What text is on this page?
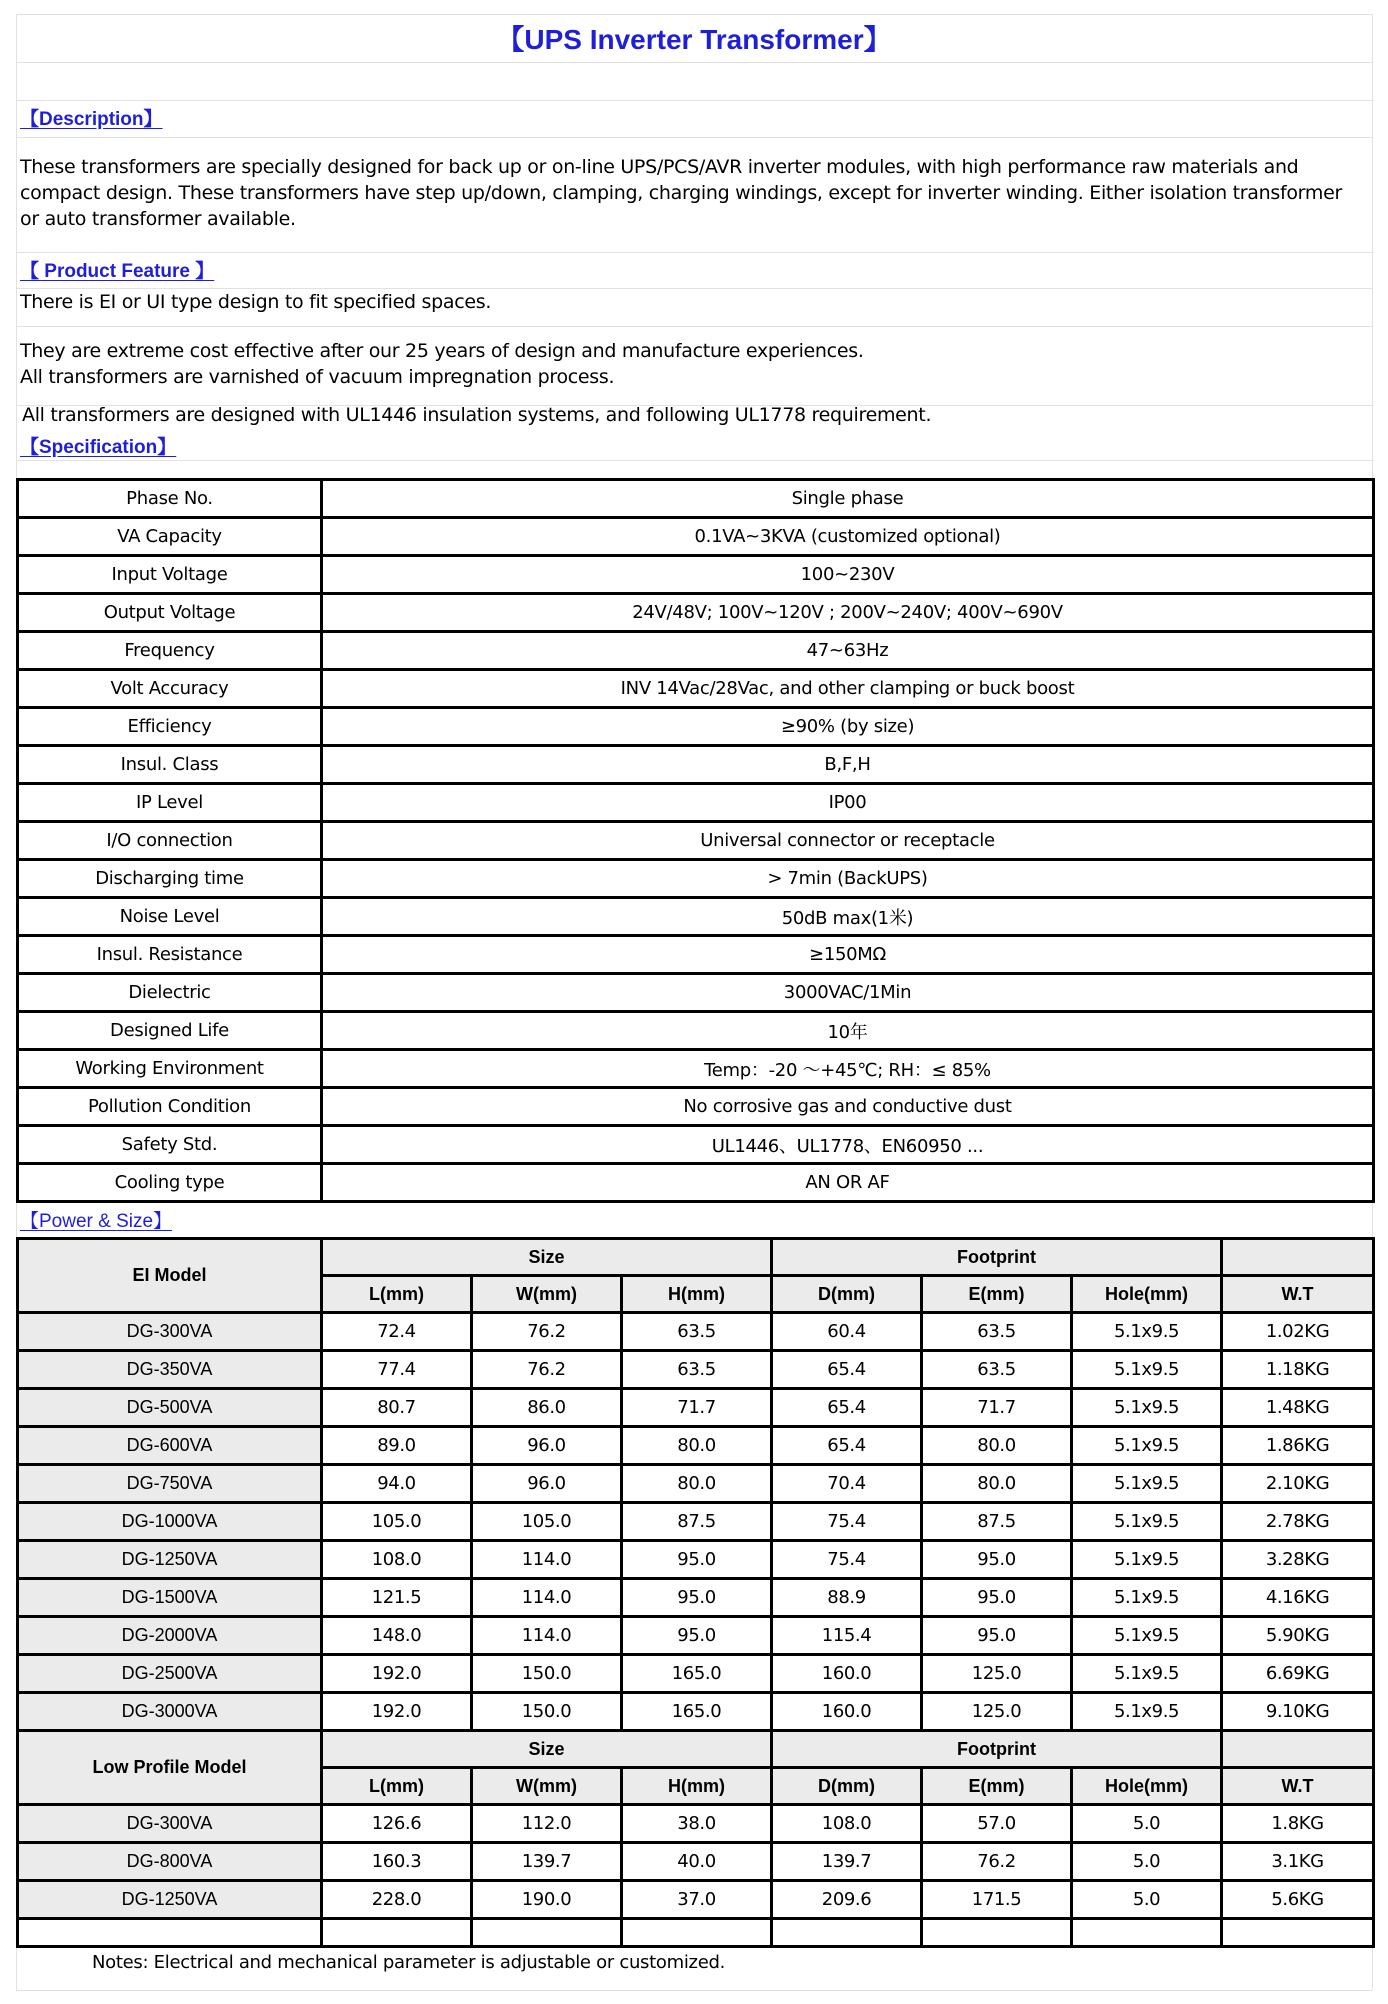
【UPS Inverter Transformer】
【Description】
These transformers are specially designed for back up or on-line UPS/PCS/AVR inverter modules, with high performance raw materials and
compact design. These transformers have step up/down, clamping, charging windings, except for inverter winding. Either isolation transformer
or auto transformer available.
【 Product Feature 】
There is EI or UI type design to fit specified spaces.
They are extreme cost effective after our 25 years of design and manufacture experiences.
All transformers are varnished of vacuum impregnation process.
All transformers are designed with UL1446 insulation systems, and following UL1778 requirement.
【Specification】
Phase No.	Single phase
VA Capacity	0.1VA~3KVA (customized optional)
Input Voltage	100~230V
Output Voltage	24V/48V; 100V~120V ; 200V~240V; 400V~690V
Frequency	47~63Hz
Volt Accuracy	INV 14Vac/28Vac, and other clamping or buck boost
Efficiency	≥90% (by size)
Insul. Class	B,F,H
IP Level	IP00
I/O connection	Universal connector or receptacle
Discharging time	> 7min (BackUPS)
Noise Level	50dB max(1米)
Insul. Resistance	≥150MΩ
Dielectric	3000VAC/1Min
Designed Life	10年
Working Environment	Temp：-20 ～+45℃; RH：≤ 85%
Pollution Condition	No corrosive gas and conductive dust
Safety Std.	UL1446、UL1778、EN60950 ...
Cooling type	AN OR AF
【Power & Size】
EI Model	Size			Footprint			
	L(mm)	W(mm)	H(mm)	D(mm)	E(mm)	Hole(mm)	W.T
DG-300VA	72.4	76.2	63.5	60.4	63.5	5.1x9.5	1.02KG
DG-350VA	77.4	76.2	63.5	65.4	63.5	5.1x9.5	1.18KG
DG-500VA	80.7	86.0	71.7	65.4	71.7	5.1x9.5	1.48KG
DG-600VA	89.0	96.0	80.0	65.4	80.0	5.1x9.5	1.86KG
DG-750VA	94.0	96.0	80.0	70.4	80.0	5.1x9.5	2.10KG
DG-1000VA	105.0	105.0	87.5	75.4	87.5	5.1x9.5	2.78KG
DG-1250VA	108.0	114.0	95.0	75.4	95.0	5.1x9.5	3.28KG
DG-1500VA	121.5	114.0	95.0	88.9	95.0	5.1x9.5	4.16KG
DG-2000VA	148.0	114.0	95.0	115.4	95.0	5.1x9.5	5.90KG
DG-2500VA	192.0	150.0	165.0	160.0	125.0	5.1x9.5	6.69KG
DG-3000VA	192.0	150.0	165.0	160.0	125.0	5.1x9.5	9.10KG
Low Profile Model	Size			Footprint			
	L(mm)	W(mm)	H(mm)	D(mm)	E(mm)	Hole(mm)	W.T
DG-300VA	126.6	112.0	38.0	108.0	57.0	5.0	1.8KG
DG-800VA	160.3	139.7	40.0	139.7	76.2	5.0	3.1KG
DG-1250VA	228.0	190.0	37.0	209.6	171.5	5.0	5.6KG

Notes: Electrical and mechanical parameter is adjustable or customized.
